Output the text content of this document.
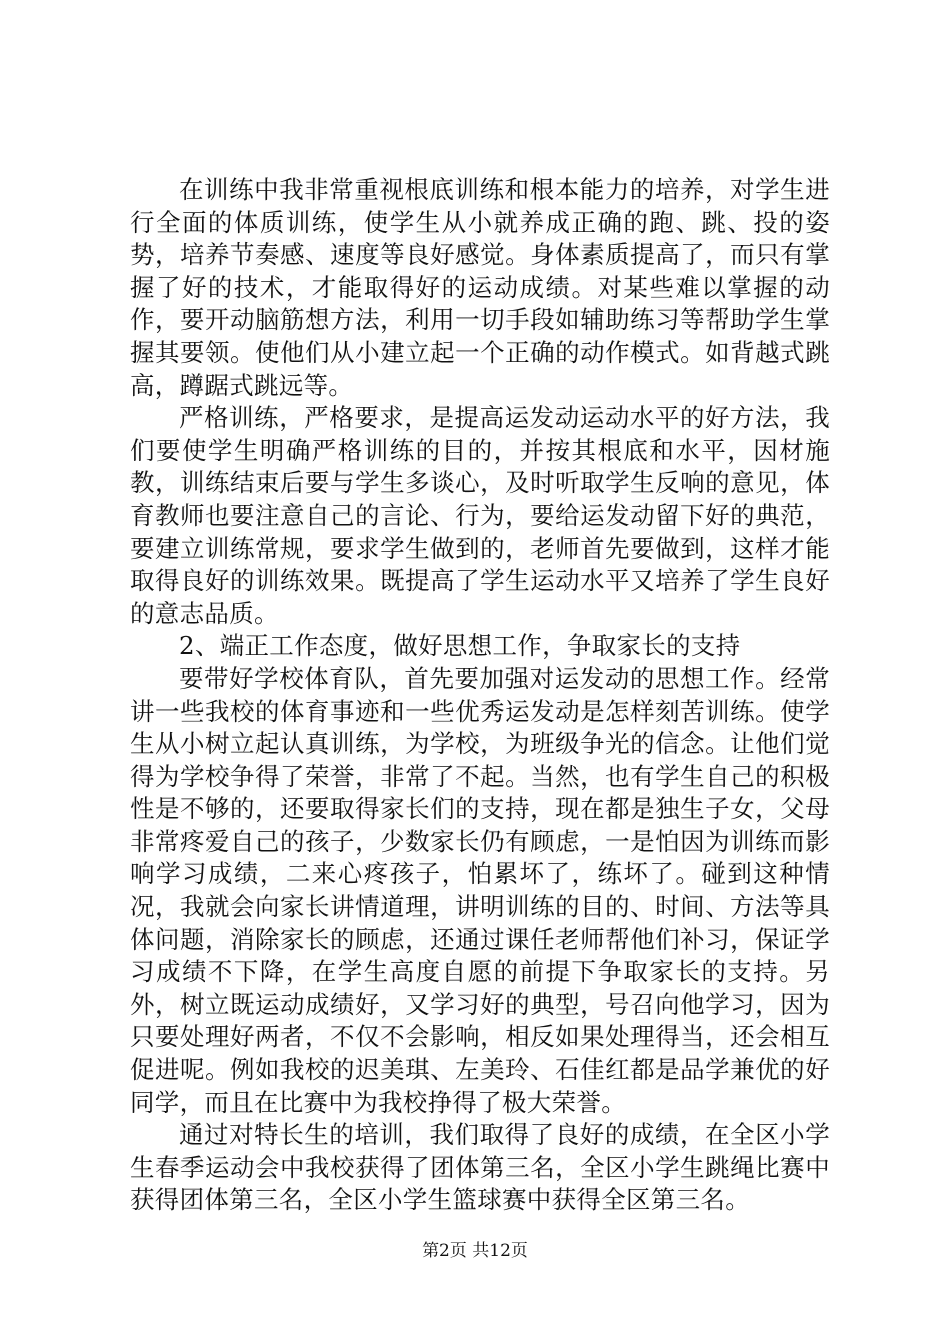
在训练中我非常重视根底训练和根本能力的培养，对学生进行全面的体质训练，使学生从小就养成正确的跑、跳、投的姿势，培养节奏感、速度等良好感觉。身体素质提高了，而只有掌握了好的技术，才能取得好的运动成绩。对某些难以掌握的动作，要开动脑筋想方法，利用一切手段如辅助练习等帮助学生掌握其要领。使他们从小建立起一个正确的动作模式。如背越式跳高，蹲踞式跳远等。

严格训练，严格要求，是提高运发动运动水平的好方法，我们要使学生明确严格训练的目的，并按其根底和水平，因材施教，训练结束后要与学生多谈心，及时听取学生反响的意见，体育教师也要注意自己的言论、行为，要给运发动留下好的典范，要建立训练常规，要求学生做到的，老师首先要做到，这样才能取得良好的训练效果。既提高了学生运动水平又培养了学生良好的意志品质。

2、端正工作态度，做好思想工作，争取家长的支持

要带好学校体育队，首先要加强对运发动的思想工作。经常讲一些我校的体育事迹和一些优秀运发动是怎样刻苦训练。使学生从小树立起认真训练，为学校，为班级争光的信念。让他们觉得为学校争得了荣誉，非常了不起。当然，也有学生自己的积极性是不够的，还要取得家长们的支持，现在都是独生子女，父母非常疼爱自己的孩子，少数家长仍有顾虑，一是怕因为训练而影响学习成绩，二来心疼孩子，怕累坏了，练坏了。碰到这种情况，我就会向家长讲情道理，讲明训练的目的、时间、方法等具体问题，消除家长的顾虑，还通过课任老师帮他们补习，保证学习成绩不下降，在学生高度自愿的前提下争取家长的支持。另外，树立既运动成绩好，又学习好的典型，号召向他学习，因为只要处理好两者，不仅不会影响，相反如果处理得当，还会相互促进呢。例如我校的迟美琪、左美玲、石佳红都是品学兼优的好同学，而且在比赛中为我校挣得了极大荣誉。

通过对特长生的培训，我们取得了良好的成绩，在全区小学生春季运动会中我校获得了团体第三名，全区小学生跳绳比赛中获得团体第三名，全区小学生篮球赛中获得全区第三名。

第2页 共12页
